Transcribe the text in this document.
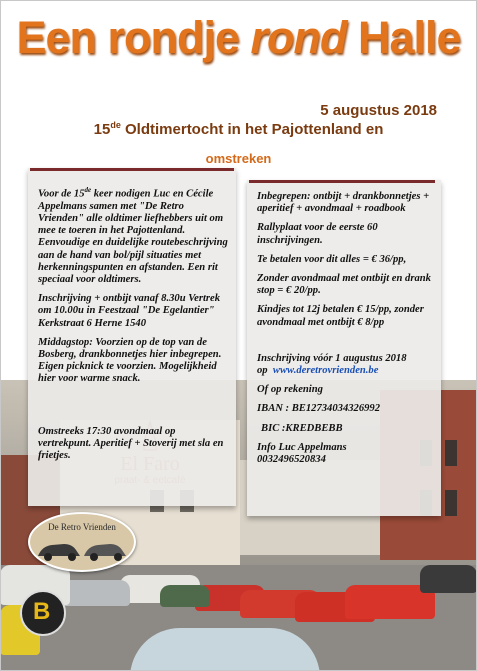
De Retro Vrienden
B
Een rondje rond Halle
5 augustus 2018
15de Oldtimertocht in het Pajottenland en
omstreken

Voor de 15de keer nodigen Luc en Cécile Appelmans samen met "De Retro Vrienden" alle oldtimer liefhebbers uit om mee te toeren in het Pajottenland. Eenvoudige en duidelijke routebeschrijving aan de hand van bol/pijl situaties met herkenningspunten en afstanden. Een rit speciaal voor oldtimers.

Inschrijving + ontbijt vanaf 8.30u Vertrek om 10.00u in Feestzaal "De Egelantier" Kerkstraat 6 Herne 1540

Middagstop: Voorzien op de top van de Bosberg, drankbonnetjes hier inbegrepen. Eigen picknick te voorzien. Mogelijkheid hier voor warme snack.

Omstreeks 17:30 avondmaal op vertrekpunt. Aperitief + Stoverij met sla en frietjes.

Inbegrepen: ontbijt + drankbonnetjes + aperitief + avondmaal + roadbook

Rallyplaat voor de eerste 60 inschrijvingen.

Te betalen voor dit alles = € 36/pp,

Zonder avondmaal met ontbijt en drank stop = € 20/pp.

Kindjes tot 12j betalen € 15/pp, zonder avondmaal met ontbijt € 8/pp

Inschrijving vóór 1 augustus 2018 op www.deretrovrienden.be

Of op rekening

IBAN : BE12734034326992

BIC :KREDBEBB

Info Luc Appelmans
0032496520834
